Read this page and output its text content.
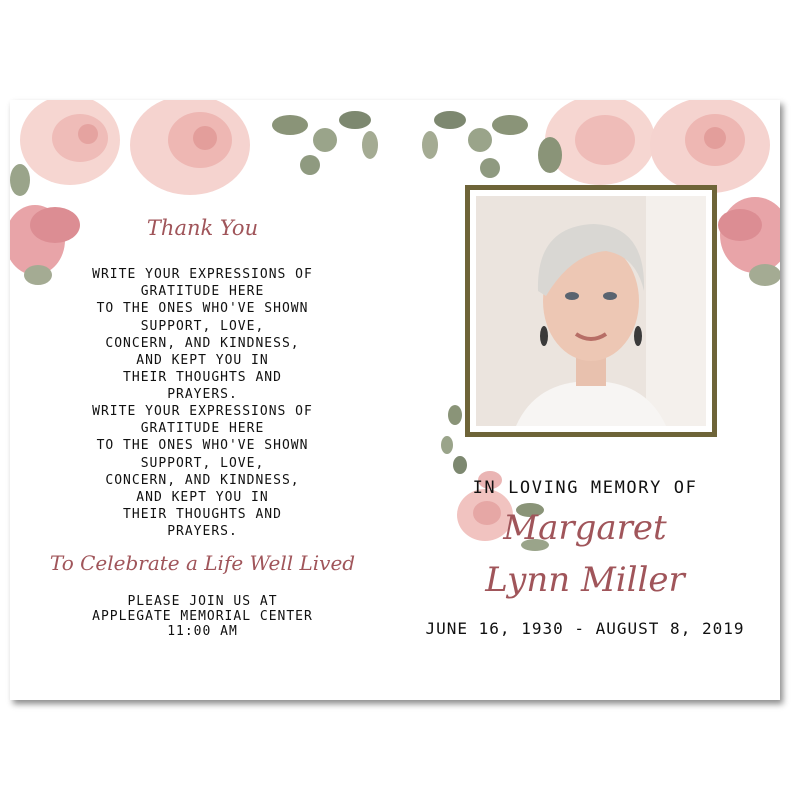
Thank You
WRITE YOUR EXPRESSIONS OF
GRATITUDE HERE
TO THE ONES WHO'VE SHOWN
SUPPORT, LOVE,
CONCERN, AND KINDNESS,
AND KEPT YOU IN
THEIR THOUGHTS AND
PRAYERS.
WRITE YOUR EXPRESSIONS OF
GRATITUDE HERE
TO THE ONES WHO'VE SHOWN
SUPPORT, LOVE,
CONCERN, AND KINDNESS,
AND KEPT YOU IN
THEIR THOUGHTS AND
PRAYERS.
To Celebrate a Life Well Lived
PLEASE JOIN US AT
APPLEGATE MEMORIAL CENTER
11:00 AM
IN LOVING MEMORY OF
Margaret
Lynn Miller
JUNE 16, 1930 - AUGUST 8, 2019
